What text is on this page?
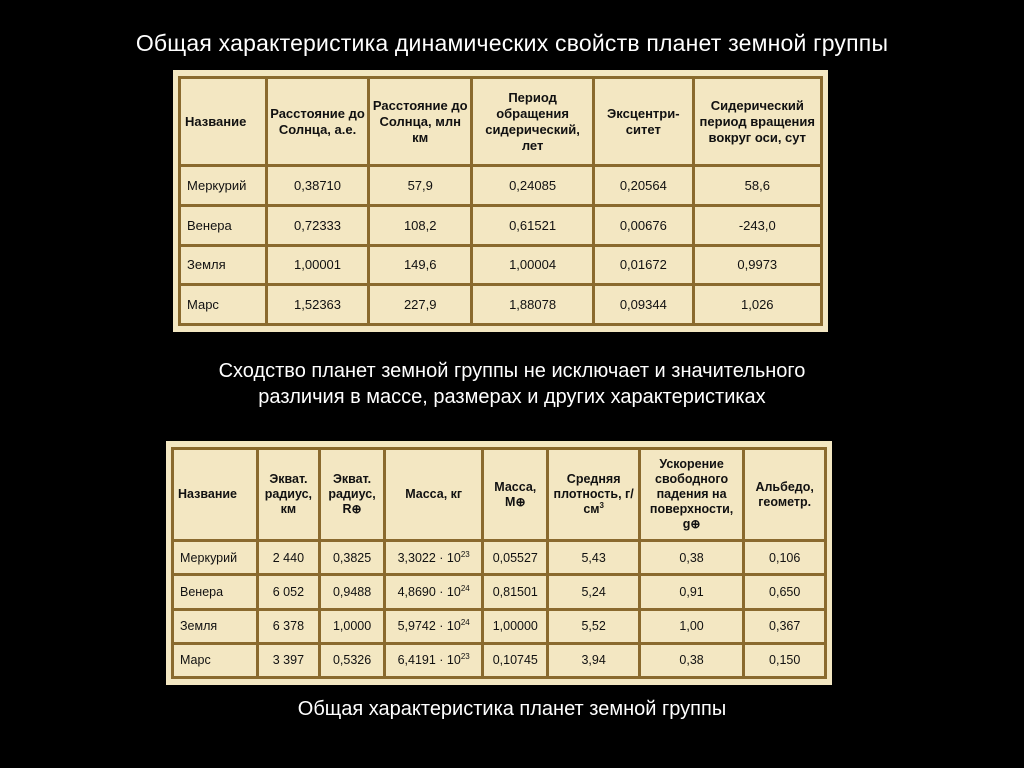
Общая характеристика динамических свойств планет земной группы
Название	Расстояние до Солнца, а.е.	Расстояние до Солнца, млн км	Период обращения сидерический, лет	Эксцентри- ситет	Сидерический период вращения вокруг оси, сут
Меркурий	0,38710	57,9	0,24085	0,20564	58,6
Венера	0,72333	108,2	0,61521	0,00676	-243,0
Земля	1,00001	149,6	1,00004	0,01672	0,9973
Марс	1,52363	227,9	1,88078	0,09344	1,026
Сходство планет земной группы не исключает и значительного
различия в массе, размерах и других характеристиках
Название	Экват. радиус, км	Экват. радиус, R⊕	Масса, кг	Масса, M⊕	Средняя плотность, $г/см^3$	Ускорение свободного падения на поверхности, g⊕	Альбедо, геометр.
Меркурий	2 440	0,3825	$3,3022 \cdot 10^{23}$	0,05527	5,43	0,38	0,106
Венера	6 052	0,9488	$4,8690 \cdot 10^{24}$	0,81501	5,24	0,91	0,650
Земля	6 378	1,0000	$5,9742 \cdot 10^{24}$	1,00000	5,52	1,00	0,367
Марс	3 397	0,5326	$6,4191 \cdot 10^{23}$	0,10745	3,94	0,38	0,150
Общая характеристика планет земной группы
